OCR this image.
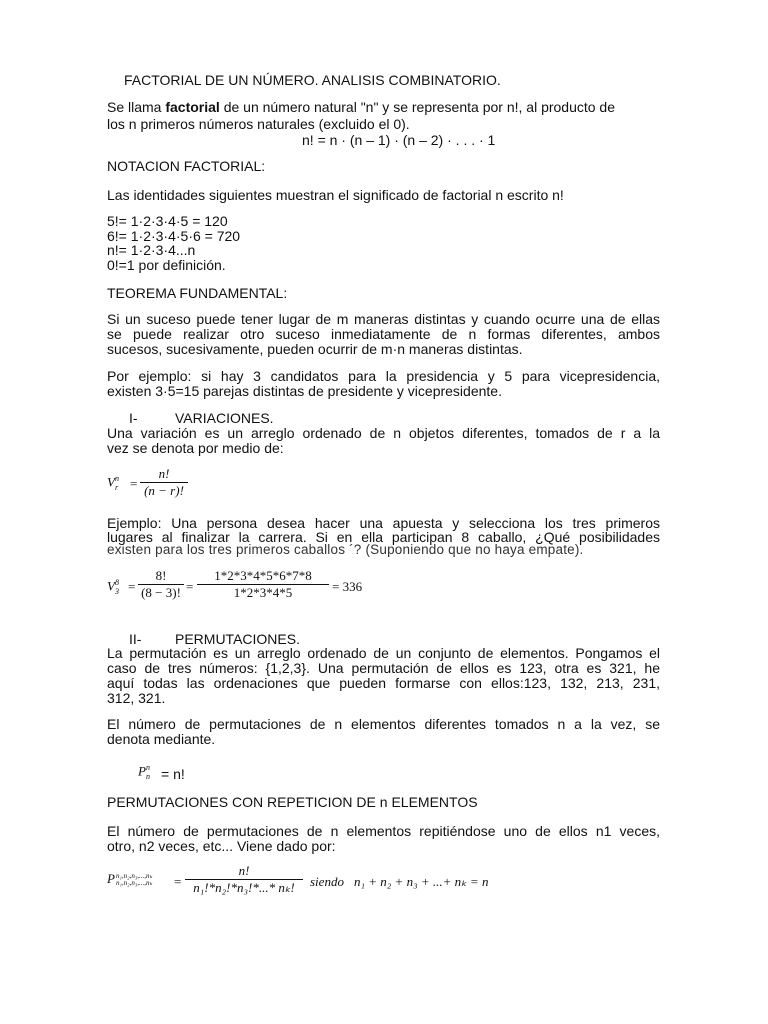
FACTORIAL DE UN NÚMERO. ANALISIS COMBINATORIO.

Se llama factorial de un número natural "n" y se representa por n!, al producto de

los n primeros números naturales (excluido el 0).

n! = n · (n – 1) · (n – 2) · . . . · 1

NOTACION FACTORIAL:

Las identidades siguientes muestran el significado de factorial n escrito n!

5!= 1·2·3·4·5 = 120

6!= 1·2·3·4·5·6 = 720

n!= 1·2·3·4...n

0!=1 por definición.

TEOREMA FUNDAMENTAL:

Si un suceso puede tener lugar de m maneras distintas y cuando ocurre una de ellas

se puede realizar otro suceso inmediatamente de n formas diferentes, ambos

sucesos, sucesivamente, pueden ocurrir de m·n maneras distintas.

Por ejemplo: si hay 3 candidatos para la presidencia y 5 para vicepresidencia,

existen 3·5=15 parejas distintas de presidente y vicepresidente.

I-	VARIACIONES.

Una variación es un arreglo ordenado de n objetos diferentes, tomados de r a la

vez se denota por medio de:

$V^n_r$ =
n!
(n − r)!

Ejemplo: Una persona desea hacer una apuesta y selecciona los tres primeros

lugares al finalizar la carrera. Si en ella participan 8 caballo, ¿Qué posibilidades

existen para los tres primeros caballos ´? (Suponiendo que no haya empate).

$V^8_3$ =
8!
(8 − 3)! =
1*2*3*4*5*6*7*8
1*2*3*4*5	= 336

II-	PERMUTACIONES.

La permutación es un arreglo ordenado de un conjunto de elementos. Pongamos el

caso de tres números: {1,2,3}. Una permutación de ellos es 123, otra es 321, he

aquí todas las ordenaciones que pueden formarse con ellos:123, 132, 213, 231,

312, 321.

El número de permutaciones de n elementos diferentes tomados n a la vez, se

denota mediante.

$P^n_n = n$!

PERMUTACIONES CON REPETICION DE n ELEMENTOS

El número de permutaciones de n elementos repitiéndose uno de ellos n1 veces,

otro, n2 veces, etc... Viene dado por:

P n₁,n₂,n₃,...,nₖ
n₁,n₂,n₃,...,nₖ =
n!
n₁!*n₂!*n₃!*...* nₖ!	siendo n₁ + n₂ + n₃ + ...+ nₖ = n
